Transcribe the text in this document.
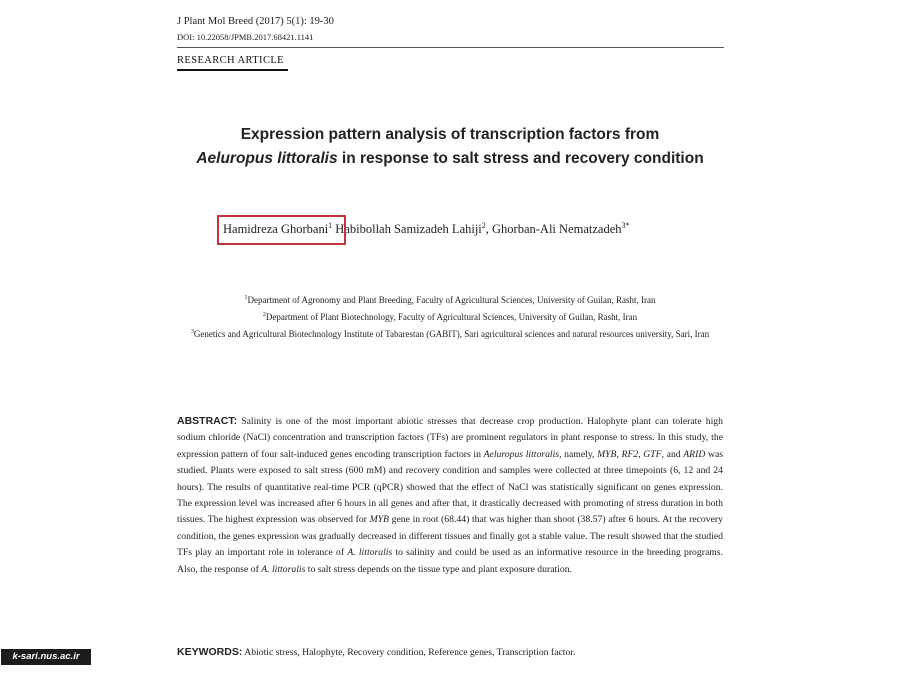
J Plant Mol Breed (2017) 5(1): 19-30
DOI: 10.22058/JPMB.2017.68421.1141
RESEARCH ARTICLE
Expression pattern analysis of transcription factors from
Aeluropus littoralis in response to salt stress and recovery condition
Hamidreza Ghorbani$^1$ Habibollah Samizadeh Lahiji$^2$, Ghorban-Ali Nematzadeh$^{3*}$
$^1$Department of Agronomy and Plant Breeding, Faculty of Agricultural Sciences, University of Guilan, Rasht, Iran
$^2$Department of Plant Biotechnology, Faculty of Agricultural Sciences, University of Guilan, Rasht, Iran
$^3$Genetics and Agricultural Biotechnology Institute of Tabarestan (GABIT), Sari agricultural sciences and natural resources university, Sari, Iran
ABSTRACT: Salinity is one of the most important abiotic stresses that decrease crop production. Halophyte plant can tolerate high sodium chloride (NaCl) concentration and transcription factors (TFs) are prominent regulators in plant response to stress. In this study, the expression pattern of four salt-induced genes encoding transcription factors in Aeluropus littoralis, namely, MYB, RF2, GTF, and ARID was studied. Plants were exposed to salt stress (600 mM) and recovery condition and samples were collected at three timepoints (6, 12 and 24 hours). The results of quantitative real-time PCR (qPCR) showed that the effect of NaCl was statistically significant on genes expression. The expression level was increased after 6 hours in all genes and after that, it drastically decreased with promoting of stress duration in both tissues. The highest expression was observed for MYB gene in root (68.44) that was higher than shoot (38.57) after 6 hours. At the recovery condition, the genes expression was gradually decreased in different tissues and finally got a stable value. The result showed that the studied TFs play an important role in tolerance of A. littoralis to salinity and could be used as an informative resource in the breeding programs. Also, the response of A. littoralis to salt stress depends on the tissue type and plant exposure duration.
KEYWORDS: Abiotic stress, Halophyte, Recovery condition, Reference genes, Transcription factor.
k-sari.nus.ac.ir
